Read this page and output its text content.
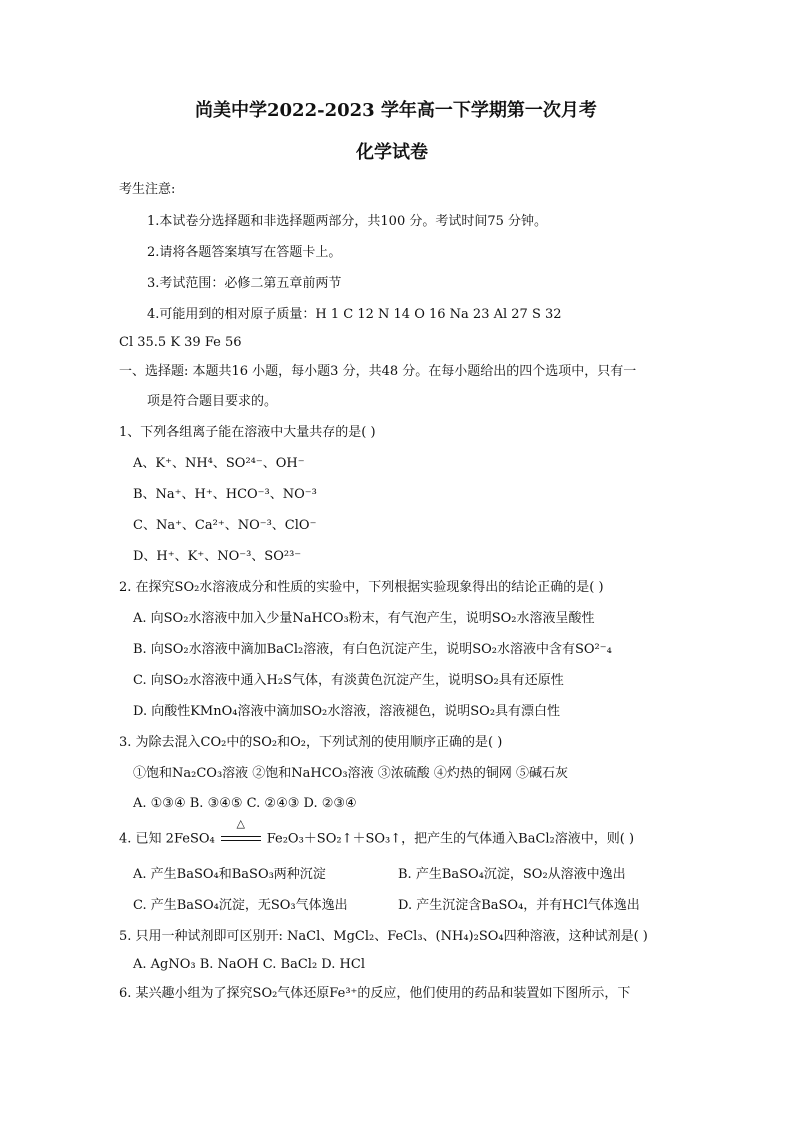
尚美中学2022-2023 学年高一下学期第一次月考
化学试卷
考生注意:
1.本试卷分选择题和非选择题两部分，共100 分。考试时间75 分钟。
2.请将各题答案填写在答题卡上。
3.考试范围：必修二第五章前两节
4.可能用到的相对原子质量：H 1 C 12 N 14 O 16 Na 23 Al 27 S 32
Cl 35.5 K 39 Fe 56
一、选择题: 本题共16 小题，每小题3 分，共48 分。在每小题给出的四个选项中，只有一
项是符合题目要求的。
1、下列各组离子能在溶液中大量共存的是( )
A、K⁺、NH⁴、SO²⁴⁻、OH⁻
B、Na⁺、H⁺、HCO⁻³、NO⁻³
C、Na⁺、Ca²⁺、NO⁻³、ClO⁻
D、H⁺、K⁺、NO⁻³、SO²³⁻
2. 在探究SO₂水溶液成分和性质的实验中，下列根据实验现象得出的结论正确的是( )
A. 向SO₂水溶液中加入少量NaHCO₃粉末，有气泡产生，说明SO₂水溶液呈酸性
B. 向SO₂水溶液中滴加BaCl₂溶液，有白色沉淀产生，说明SO₂水溶液中含有SO²⁻₄
C. 向SO₂水溶液中通入H₂S气体，有淡黄色沉淀产生，说明SO₂具有还原性
D. 向酸性KMnO₄溶液中滴加SO₂水溶液，溶液褪色，说明SO₂具有漂白性
3. 为除去混入CO₂中的SO₂和O₂，下列试剂的使用顺序正确的是( )
①饱和Na₂CO₃溶液 ②饱和NaHCO₃溶液 ③浓硫酸 ④灼热的铜网 ⑤碱石灰
A. ①③④ B. ③④⑤ C. ②④③ D. ②③④
4. 已知 2FeSO₄
△
Fe₂O₃＋SO₂↑＋SO₃↑，把产生的气体通入BaCl₂溶液中，则( )
A. 产生BaSO₄和BaSO₃两种沉淀	B. 产生BaSO₄沉淀，SO₂从溶液中逸出
C. 产生BaSO₄沉淀，无SO₃气体逸出	D. 产生沉淀含BaSO₄，并有HCl气体逸出
5. 只用一种试剂即可区别开: NaCl、MgCl₂、FeCl₃、(NH₄)₂SO₄四种溶液，这种试剂是( )
A. AgNO₃ B. NaOH C. BaCl₂ D. HCl
6. 某兴趣小组为了探究SO₂气体还原Fe³⁺的反应，他们使用的药品和装置如下图所示，下
